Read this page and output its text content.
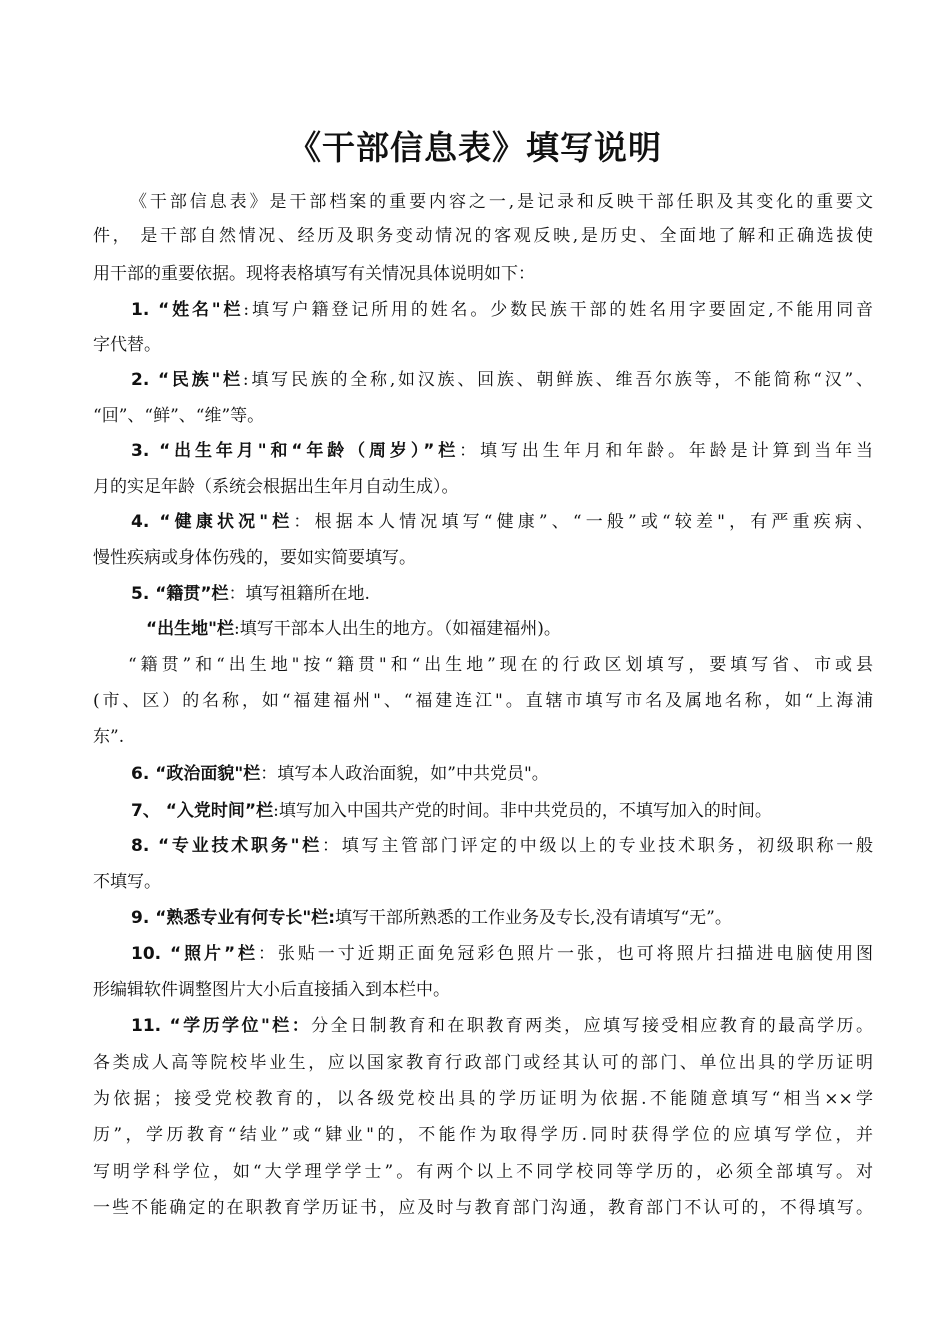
《干部信息表》填写说明
《干部信息表》是干部档案的重要内容之一,是记录和反映干部任职及其变化的重要文
件， 是干部自然情况、经历及职务变动情况的客观反映,是历史、全面地了解和正确选拔使
用干部的重要依据。现将表格填写有关情况具体说明如下：
1. “姓名"栏:填写户籍登记所用的姓名。少数民族干部的姓名用字要固定,不能用同音
字代替。
2. “民族"栏:填写民族的全称,如汉族、回族、朝鲜族、维吾尔族等，不能简称“汉”、
“回”、“鲜”、“维”等。
3. “出生年月"和“年龄（周岁）”栏：填写出生年月和年龄。年龄是计算到当年当
月的实足年龄（系统会根据出生年月自动生成）。
4. “健康状况"栏：根据本人情况填写“健康”、“一般”或“较差"，有严重疾病、
慢性疾病或身体伤残的，要如实简要填写。
5. “籍贯”栏：填写祖籍所在地.
“出生地"栏:填写干部本人出生的地方。（如福建福州)。
“籍贯”和“出生地"按“籍贯"和“出生地”现在的行政区划填写，要填写省、市或县
(市、区）的名称，如“福建福州"、“福建连江"。直辖市填写市名及属地名称，如“上海浦
东”.
6. “政治面貌"栏：填写本人政治面貌，如”中共党员"。
7、 “入党时间”栏:填写加入中国共产党的时间。非中共党员的，不填写加入的时间。
8. “专业技术职务"栏：填写主管部门评定的中级以上的专业技术职务，初级职称一般
不填写。
9. “熟悉专业有何专长"栏:填写干部所熟悉的工作业务及专长,没有请填写“无”。
10. “照片”栏：张贴一寸近期正面免冠彩色照片一张，也可将照片扫描进电脑使用图
形编辑软件调整图片大小后直接插入到本栏中。
11. “学历学位"栏：分全日制教育和在职教育两类，应填写接受相应教育的最高学历。
各类成人高等院校毕业生，应以国家教育行政部门或经其认可的部门、单位出具的学历证明
为依据；接受党校教育的，以各级党校出具的学历证明为依据.不能随意填写“相当××学
历”，学历教育“结业”或“肄业"的，不能作为取得学历.同时获得学位的应填写学位，并
写明学科学位，如“大学理学学士”。有两个以上不同学校同等学历的，必须全部填写。对
一些不能确定的在职教育学历证书，应及时与教育部门沟通，教育部门不认可的，不得填写。
